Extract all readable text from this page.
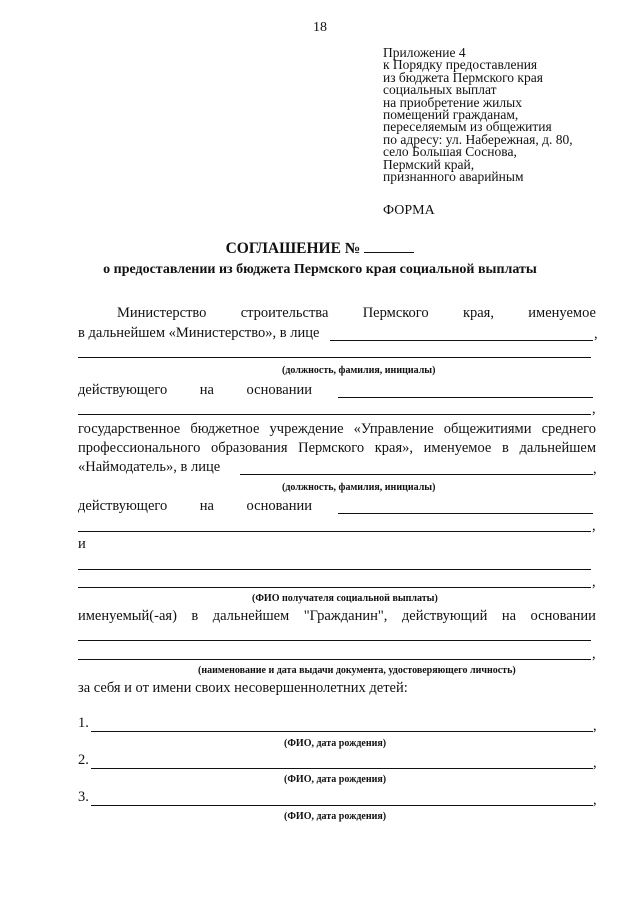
18
Приложение 4
к Порядку предоставления
из бюджета Пермского края
социальных выплат
на приобретение жилых
помещений гражданам,
переселяемым из общежития
по адресу: ул. Набережная, д. 80,
село Большая Соснова,
Пермский край,
признанного аварийным
ФОРМА
СОГЛАШЕНИЕ №
о предоставлении из бюджета Пермского края социальной выплаты
Министерство строительства Пермского края, именуемое
в дальнейшем «Министерство», в лице	,
(должность, фамилия, инициалы)
действующего на основании
,
государственное бюджетное учреждение «Управление общежитиями среднего
профессионального образования Пермского края», именуемое в дальнейшем
«Наймодатель», в лице	,
(должность, фамилия, инициалы)
действующего на основании
,
и
,
(ФИО получателя социальной выплаты)
именуемый(-ая) в дальнейшем "Гражданин", действующий на основании
,
(наименование и дата выдачи документа, удостоверяющего личность)
за себя и от имени своих несовершеннолетних детей:
1.	,
(ФИО, дата рождения)
2.	,
(ФИО, дата рождения)
3.	,
(ФИО, дата рождения)
